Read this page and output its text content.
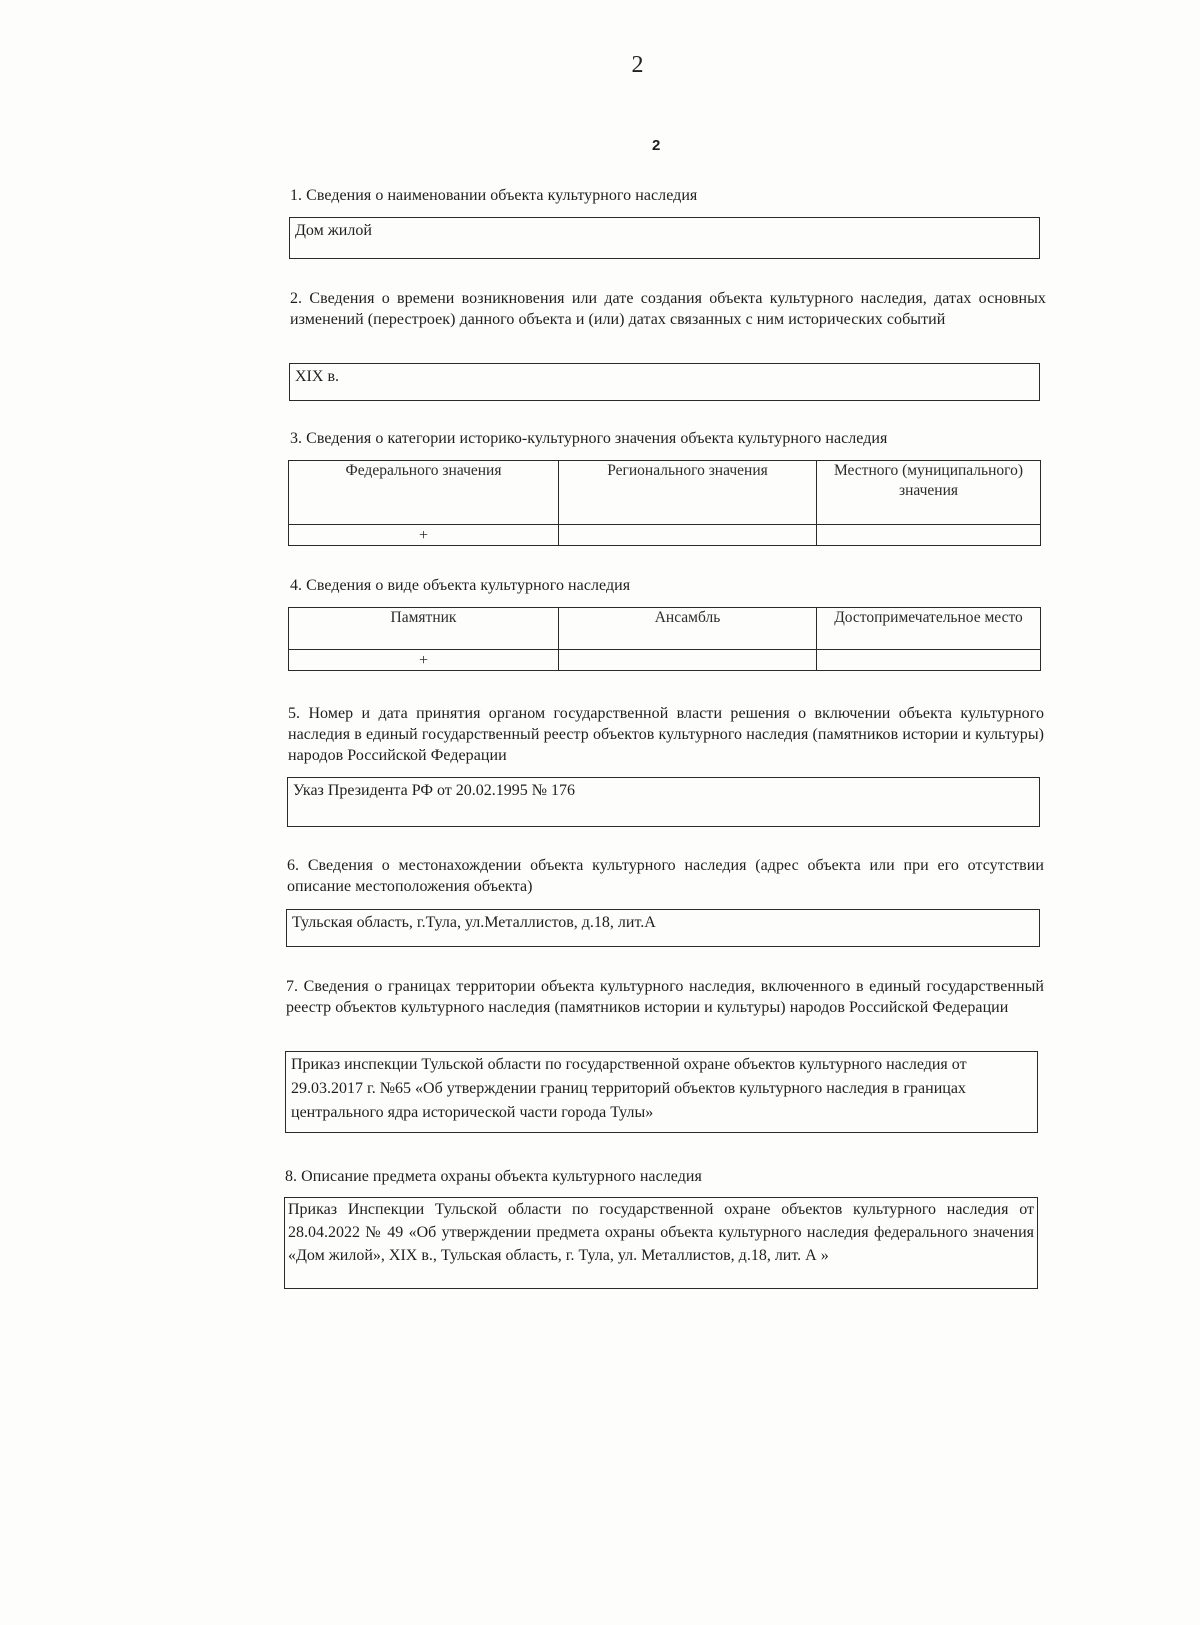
2
2
1. Сведения о наименовании объекта культурного наследия
Дом жилой
2. Сведения о времени возникновения или дате создания объекта культурного наследия, датах основных изменений (перестроек) данного объекта и (или) датах связанных с ним исторических событий
XIX в.
3. Сведения о категории историко-культурного значения объекта культурного наследия
Федерального значения	Регионального значения	Местного (муниципального) значения
+		
4. Сведения о виде объекта культурного наследия
Памятник	Ансамбль	Достопримечательное место
+		
5. Номер и дата принятия органом государственной власти решения о включении объекта культурного наследия в единый государственный реестр объектов культурного наследия (памятников истории и культуры) народов Российской Федерации
Указ Президента РФ от 20.02.1995 № 176
6. Сведения о местонахождении объекта культурного наследия (адрес объекта или при его отсутствии описание местоположения объекта)
Тульская область, г.Тула, ул.Металлистов, д.18, лит.А
7. Сведения о границах территории объекта культурного наследия, включенного в единый государственный реестр объектов культурного наследия (памятников истории и культуры) народов Российской Федерации
Приказ инспекции Тульской области по государственной охране объектов культурного наследия от 29.03.2017 г. №65 «Об утверждении границ территорий объектов культурного наследия в границах центрального ядра исторической части города Тулы»
8. Описание предмета охраны объекта культурного наследия
Приказ Инспекции Тульской области по государственной охране объектов культурного наследия от 28.04.2022 № 49 «Об утверждении предмета охраны объекта культурного наследия федерального значения «Дом жилой», XIX в., Тульская область, г. Тула, ул. Металлистов, д.18, лит. А »
